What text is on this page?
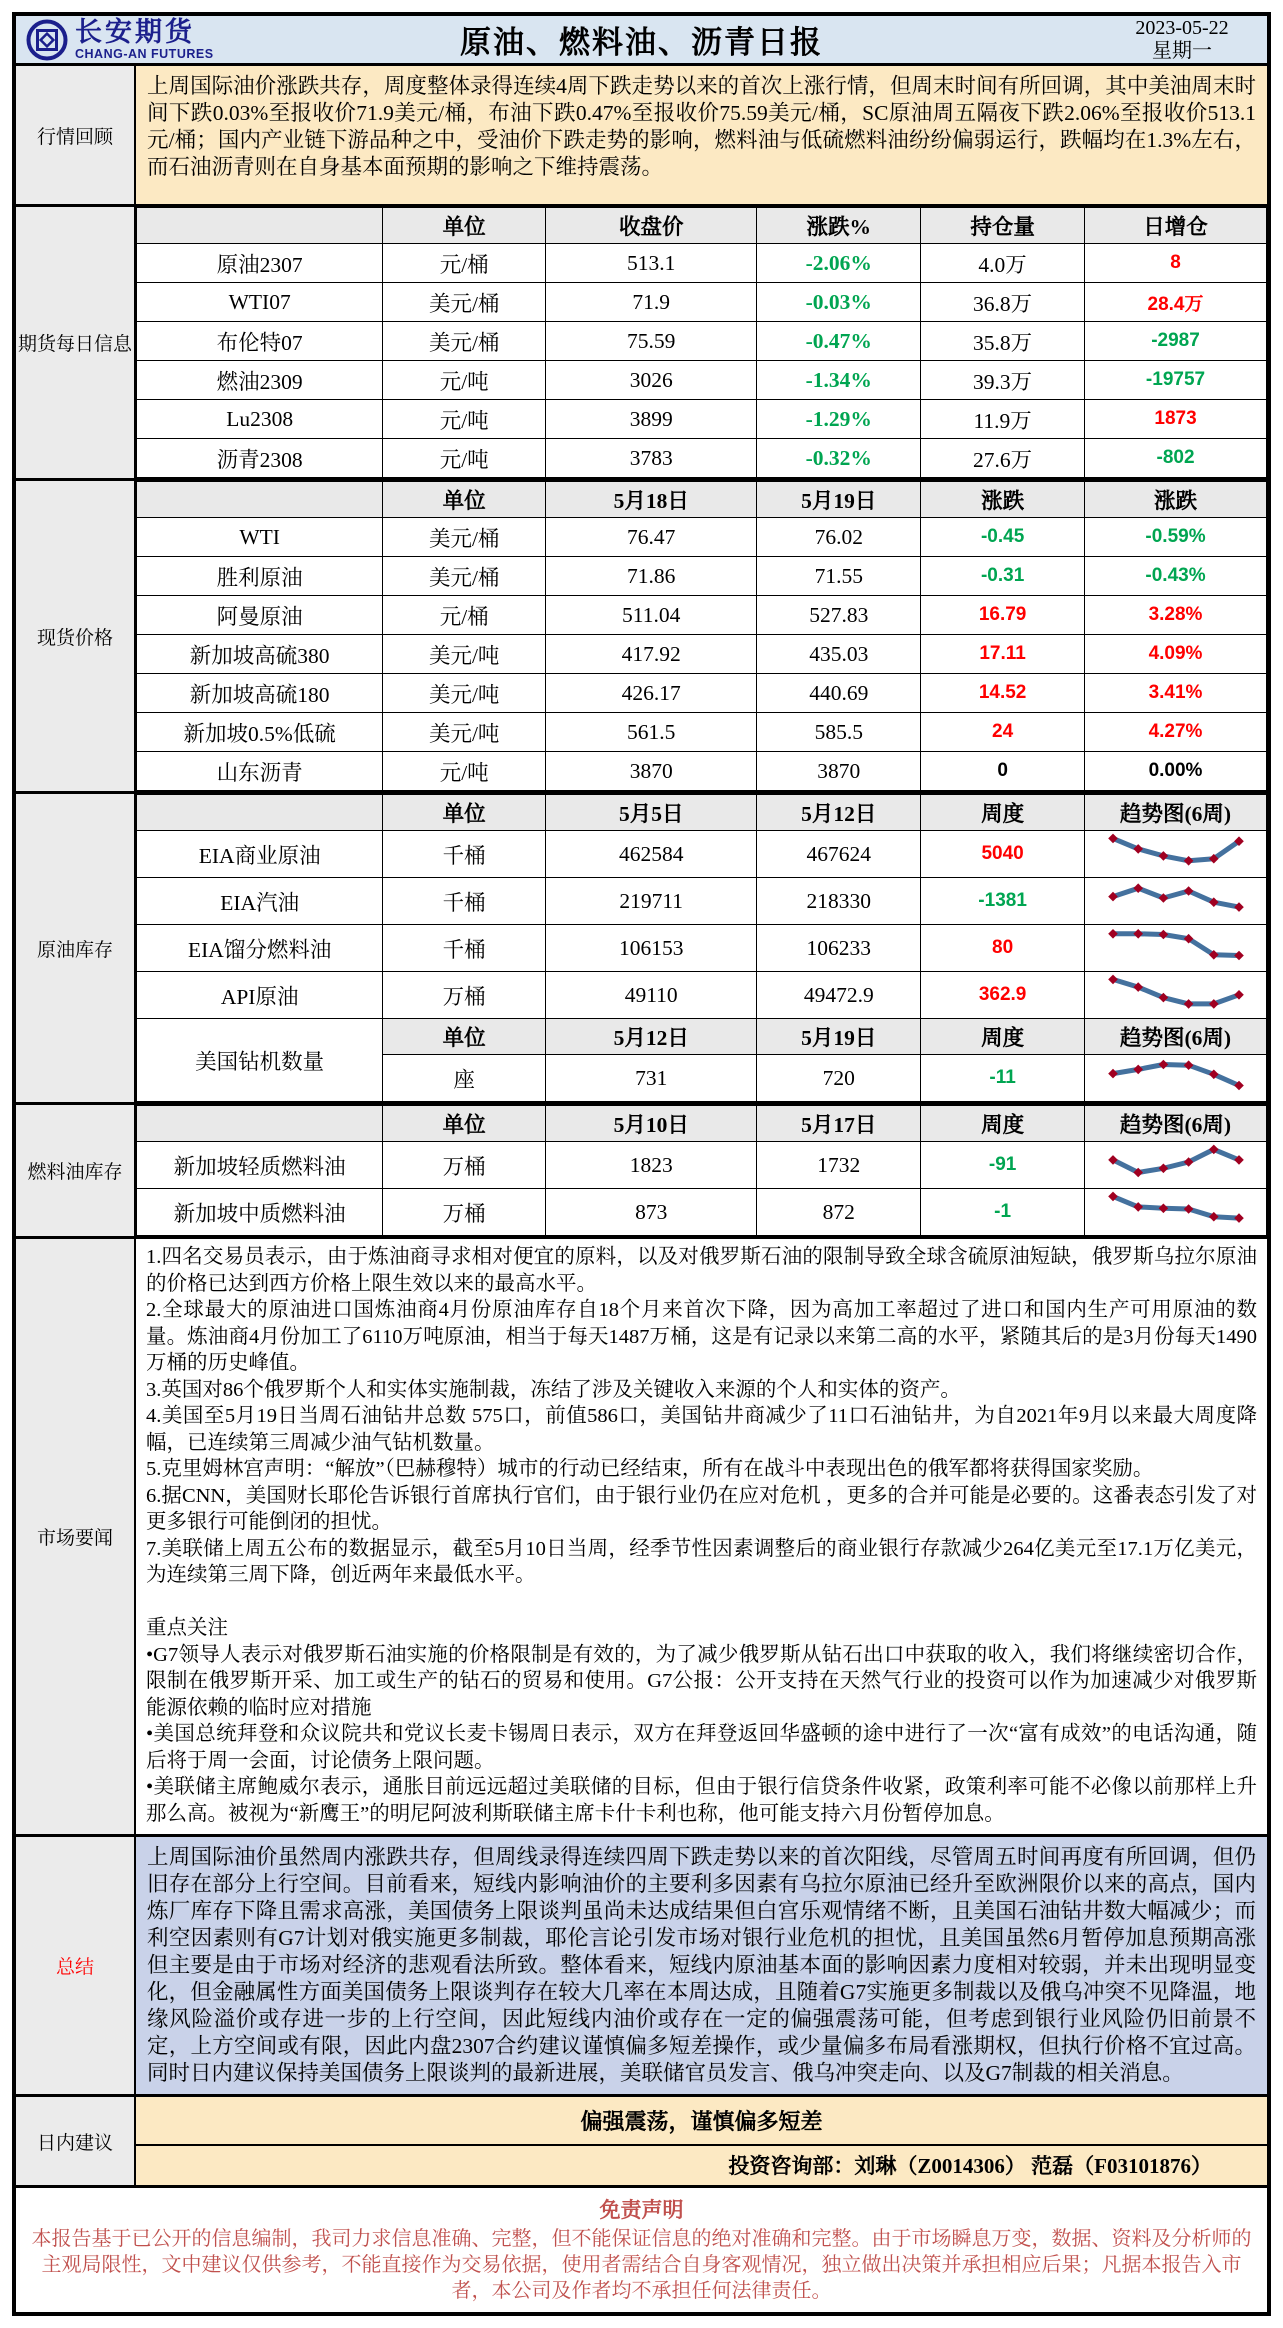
长安期货
CHANG-AN FUTURES	原油、燃料油、沥青日报	2023-05-22
星期一
行情回顾
上周国际油价涨跌共存，周度整体录得连续4周下跌走势以来的首次上涨行情，但周末时间有所回调，其中美油周末时间下跌0.03%至报收价71.9美元/桶，布油下跌0.47%至报收价75.59美元/桶，SC原油周五隔夜下跌2.06%至报收价513.1元/桶；国内产业链下游品种之中，受油价下跌走势的影响，燃料油与低硫燃料油纷纷偏弱运行，跌幅均在1.3%左右，而石油沥青则在自身基本面预期的影响之下维持震荡。
期货每日信息
	单位	收盘价	涨跌%	持仓量	日增仓
原油2307	元/桶	513.1	-2.06%	4.0万	8
WTI07	美元/桶	71.9	-0.03%	36.8万	28.4万
布伦特07	美元/桶	75.59	-0.47%	35.8万	-2987
燃油2309	元/吨	3026	-1.34%	39.3万	-19757
Lu2308	元/吨	3899	-1.29%	11.9万	1873
沥青2308	元/吨	3783	-0.32%	27.6万	-802
现货价格
	单位	5月18日	5月19日	涨跌	涨跌
WTI	美元/桶	76.47	76.02	-0.45	-0.59%
胜利原油	美元/桶	71.86	71.55	-0.31	-0.43%
阿曼原油	元/桶	511.04	527.83	16.79	3.28%
新加坡高硫380	美元/吨	417.92	435.03	17.11	4.09%
新加坡高硫180	美元/吨	426.17	440.69	14.52	3.41%
新加坡0.5%低硫	美元/吨	561.5	585.5	24	4.27%
山东沥青	元/吨	3870	3870	0	0.00%
原油库存
	单位	5月5日	5月12日	周度	趋势图(6周)
EIA商业原油	千桶	462584	467624	5040	
EIA汽油	千桶	219711	218330	-1381	
EIA馏分燃料油	千桶	106153	106233	80	
API原油	万桶	49110	49472.9	362.9	
美国钻机数量	单位	5月12日	5月19日	周度	趋势图(6周)
	座	731	720	-11	
燃料油库存
	单位	5月10日	5月17日	周度	趋势图(6周)
新加坡轻质燃料油	万桶	1823	1732	-91	
新加坡中质燃料油	万桶	873	872	-1	
市场要闻
1.四名交易员表示，由于炼油商寻求相对便宜的原料，以及对俄罗斯石油的限制导致全球含硫原油短缺，俄罗斯乌拉尔原油的价格已达到西方价格上限生效以来的最高水平。
2.全球最大的原油进口国炼油商4月份原油库存自18个月来首次下降，因为高加工率超过了进口和国内生产可用原油的数量。炼油商4月份加工了6110万吨原油，相当于每天1487万桶，这是有记录以来第二高的水平，紧随其后的是3月份每天1490万桶的历史峰值。
3.英国对86个俄罗斯个人和实体实施制裁，冻结了涉及关键收入来源的个人和实体的资产。
4.美国至5月19日当周石油钻井总数 575口，前值586口，美国钻井商减少了11口石油钻井，为自2021年9月以来最大周度降幅，已连续第三周减少油气钻机数量。
5.克里姆林宫声明：“解放”（巴赫穆特）城市的行动已经结束，所有在战斗中表现出色的俄军都将获得国家奖励。
6.据CNN，美国财长耶伦告诉银行首席执行官们，由于银行业仍在应对危机 ，更多的合并可能是必要的。这番表态引发了对更多银行可能倒闭的担忧。
7.美联储上周五公布的数据显示，截至5月10日当周，经季节性因素调整后的商业银行存款减少264亿美元至17.1万亿美元，为连续第三周下降，创近两年来最低水平。

重点关注
•G7领导人表示对俄罗斯石油实施的价格限制是有效的，为了减少俄罗斯从钻石出口中获取的收入，我们将继续密切合作，限制在俄罗斯开采、加工或生产的钻石的贸易和使用。G7公报：公开支持在天然气行业的投资可以作为加速减少对俄罗斯能源依赖的临时应对措施
•美国总统拜登和众议院共和党议长麦卡锡周日表示，双方在拜登返回华盛顿的途中进行了一次“富有成效”的电话沟通，随后将于周一会面，讨论债务上限问题。
•美联储主席鲍威尔表示，通胀目前远远超过美联储的目标，但由于银行信贷条件收紧，政策利率可能不必像以前那样上升那么高。被视为“新鹰王”的明尼阿波利斯联储主席卡什卡利也称，他可能支持六月份暂停加息。
总结
上周国际油价虽然周内涨跌共存，但周线录得连续四周下跌走势以来的首次阳线，尽管周五时间再度有所回调，但仍旧存在部分上行空间。目前看来，短线内影响油价的主要利多因素有乌拉尔原油已经升至欧洲限价以来的高点，国内炼厂库存下降且需求高涨，美国债务上限谈判虽尚未达成结果但白宫乐观情绪不断，且美国石油钻井数大幅减少；而利空因素则有G7计划对俄实施更多制裁，耶伦言论引发市场对银行业危机的担忧，且美国虽然6月暂停加息预期高涨但主要是由于市场对经济的悲观看法所致。整体看来，短线内原油基本面的影响因素力度相对较弱，并未出现明显变化，但金融属性方面美国债务上限谈判存在较大几率在本周达成，且随着G7实施更多制裁以及俄乌冲突不见降温，地缘风险溢价或存进一步的上行空间，因此短线内油价或存在一定的偏强震荡可能，但考虑到银行业风险仍旧前景不定，上方空间或有限，因此内盘2307合约建议谨慎偏多短差操作，或少量偏多布局看涨期权，但执行价格不宜过高。同时日内建议保持美国债务上限谈判的最新进展，美联储官员发言、俄乌冲突走向、以及G7制裁的相关消息。
日内建议
偏强震荡，谨慎偏多短差
投资咨询部：刘琳（Z0014306） 范磊（F03101876）
免责声明
本报告基于已公开的信息编制，我司力求信息准确、完整，但不能保证信息的绝对准确和完整。由于市场瞬息万变，数据、资料及分析师的主观局限性，文中建议仅供参考，不能直接作为交易依据，使用者需结合自身客观情况，独立做出决策并承担相应后果；凡据本报告入市者，本公司及作者均不承担任何法律责任。
